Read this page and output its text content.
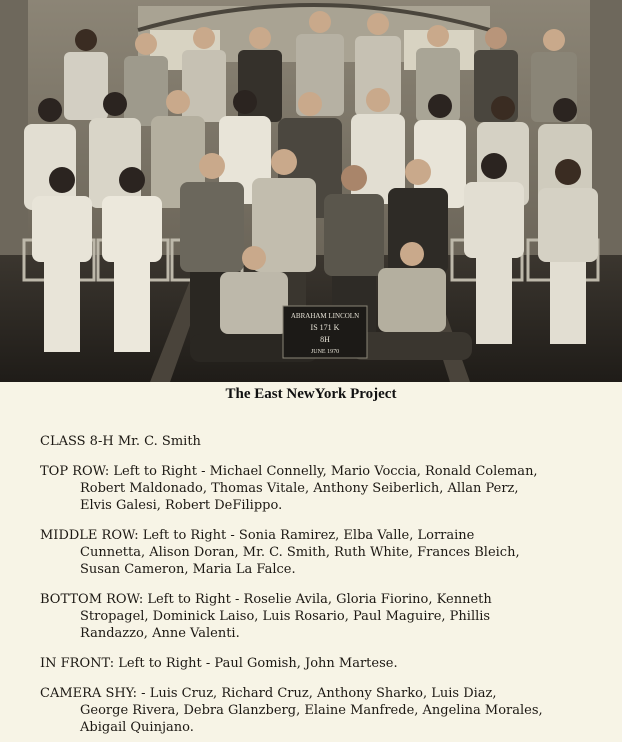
ABRAHAM LINCOLN
IS 171 K
8H
JUNE 1970
The East NewYork Project

CLASS 8-H Mr. C. Smith

TOP ROW: Left to Right - Michael Connelly, Mario Voccia, Ronald Coleman,
Robert Maldonado, Thomas Vitale, Anthony Seiberlich, Allan Perz,
Elvis Galesi, Robert DeFilippo.
MIDDLE ROW: Left to Right - Sonia Ramirez, Elba Valle, Lorraine
Cunnetta, Alison Doran, Mr. C. Smith, Ruth White, Frances Bleich,
Susan Cameron, Maria La Falce.
BOTTOM ROW: Left to Right - Roselie Avila, Gloria Fiorino, Kenneth
Stropagel, Dominick Laiso, Luis Rosario, Paul Maguire, Phillis
Randazzo, Anne Valenti.
IN FRONT: Left to Right - Paul Gomish, John Martese.
CAMERA SHY: - Luis Cruz, Richard Cruz, Anthony Sharko, Luis Diaz,
George Rivera, Debra Glanzberg, Elaine Manfrede, Angelina Morales,
Abigail Quinjano.
